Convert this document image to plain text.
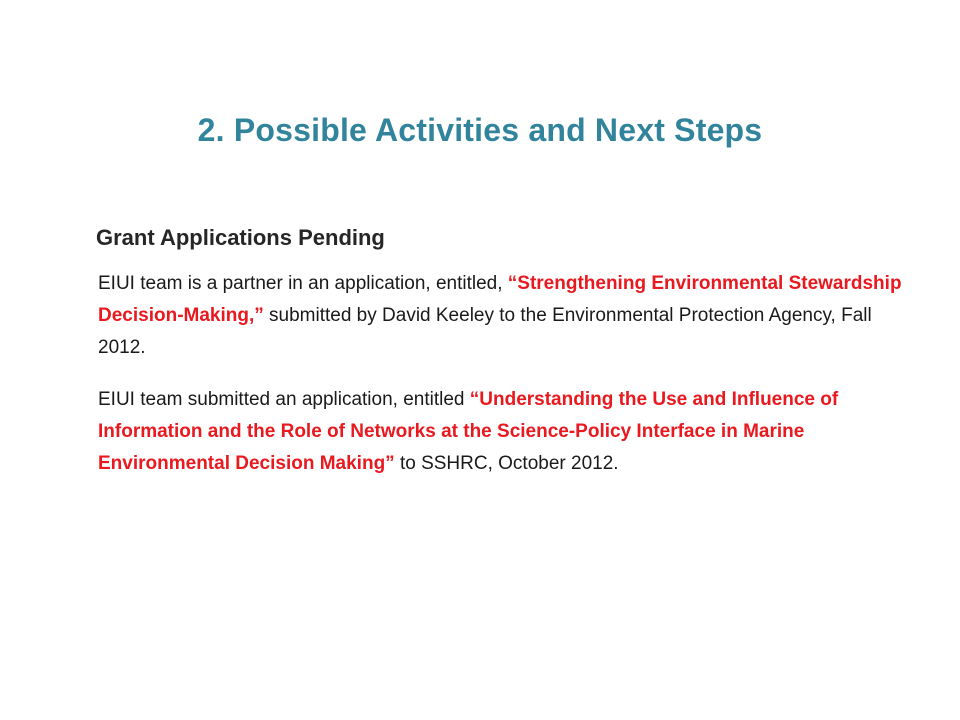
2. Possible Activities and Next Steps
Grant Applications Pending

EIUI team is a partner in an application, entitled, “Strengthening Environmental Stewardship Decision-Making,” submitted by David Keeley to the Environmental Protection Agency, Fall 2012.

EIUI team submitted an application, entitled “Understanding the Use and Influence of Information and the Role of Networks at the Science-Policy Interface in Marine Environmental Decision Making” to SSHRC, October 2012.
